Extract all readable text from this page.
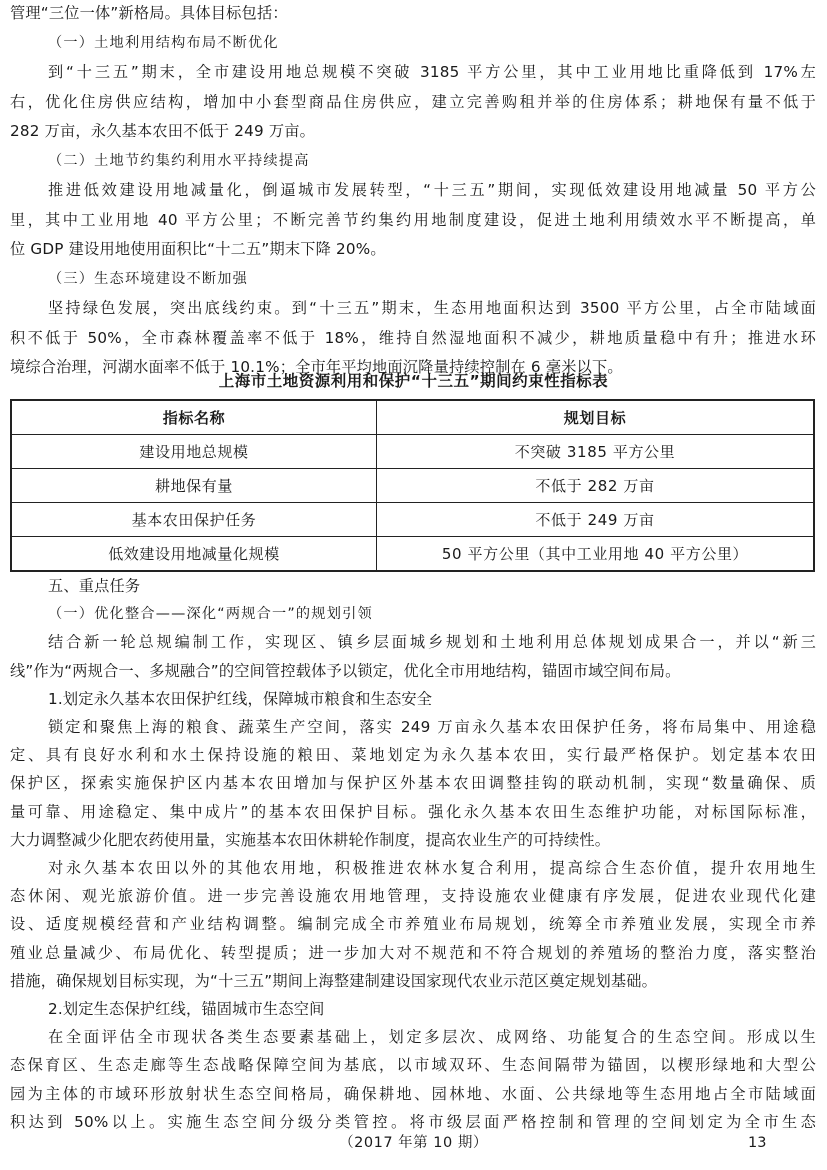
管理“三位一体”新格局。具体目标包括：
（一）土地利用结构布局不断优化
到“十三五”期末，全市建设用地总规模不突破 3185 平方公里，其中工业用地比重降低到 17%左
右，优化住房供应结构，增加中小套型商品住房供应，建立完善购租并举的住房体系；耕地保有量不低于
282 万亩，永久基本农田不低于 249 万亩。
（二）土地节约集约利用水平持续提高
推进低效建设用地减量化，倒逼城市发展转型，“十三五”期间，实现低效建设用地减量 50 平方公
里，其中工业用地 40 平方公里；不断完善节约集约用地制度建设，促进土地利用绩效水平不断提高，单
位 GDP 建设用地使用面积比“十二五”期末下降 20%。
（三）生态环境建设不断加强
坚持绿色发展，突出底线约束。到“十三五”期末，生态用地面积达到 3500 平方公里，占全市陆域面
积不低于 50%，全市森林覆盖率不低于 18%，维持自然湿地面积不减少，耕地质量稳中有升；推进水环
境综合治理，河湖水面率不低于 10.1%；全市年平均地面沉降量持续控制在 6 毫米以下。
上海市土地资源利用和保护“十三五”期间约束性指标表
指标名称	规划目标
建设用地总规模	不突破 3185 平方公里
耕地保有量	不低于 282 万亩
基本农田保护任务	不低于 249 万亩
低效建设用地减量化规模	50 平方公里（其中工业用地 40 平方公里）
五、重点任务
（一）优化整合——深化“两规合一”的规划引领
结合新一轮总规编制工作，实现区、镇乡层面城乡规划和土地利用总体规划成果合一，并以“新三
线”作为“两规合一、多规融合”的空间管控载体予以锁定，优化全市用地结构，锚固市域空间布局。
1.划定永久基本农田保护红线，保障城市粮食和生态安全
锁定和聚焦上海的粮食、蔬菜生产空间，落实 249 万亩永久基本农田保护任务，将布局集中、用途稳
定、具有良好水利和水土保持设施的粮田、菜地划定为永久基本农田，实行最严格保护。划定基本农田
保护区，探索实施保护区内基本农田增加与保护区外基本农田调整挂钩的联动机制，实现“数量确保、质
量可靠、用途稳定、集中成片”的基本农田保护目标。强化永久基本农田生态维护功能，对标国际标准，
大力调整减少化肥农药使用量，实施基本农田休耕轮作制度，提高农业生产的可持续性。
对永久基本农田以外的其他农用地，积极推进农林水复合利用，提高综合生态价值，提升农用地生
态休闲、观光旅游价值。进一步完善设施农用地管理，支持设施农业健康有序发展，促进农业现代化建
设、适度规模经营和产业结构调整。编制完成全市养殖业布局规划，统筹全市养殖业发展，实现全市养
殖业总量减少、布局优化、转型提质；进一步加大对不规范和不符合规划的养殖场的整治力度，落实整治
措施，确保规划目标实现，为“十三五”期间上海整建制建设国家现代农业示范区奠定规划基础。
2.划定生态保护红线，锚固城市生态空间
在全面评估全市现状各类生态要素基础上，划定多层次、成网络、功能复合的生态空间。形成以生
态保育区、生态走廊等生态战略保障空间为基底，以市域双环、生态间隔带为锚固，以楔形绿地和大型公
园为主体的市域环形放射状生态空间格局，确保耕地、园林地、水面、公共绿地等生态用地占全市陆域面
积达到 50%以上。实施生态空间分级分类管控。将市级层面严格控制和管理的空间划定为全市生态
（2017 年第 10 期）	13
